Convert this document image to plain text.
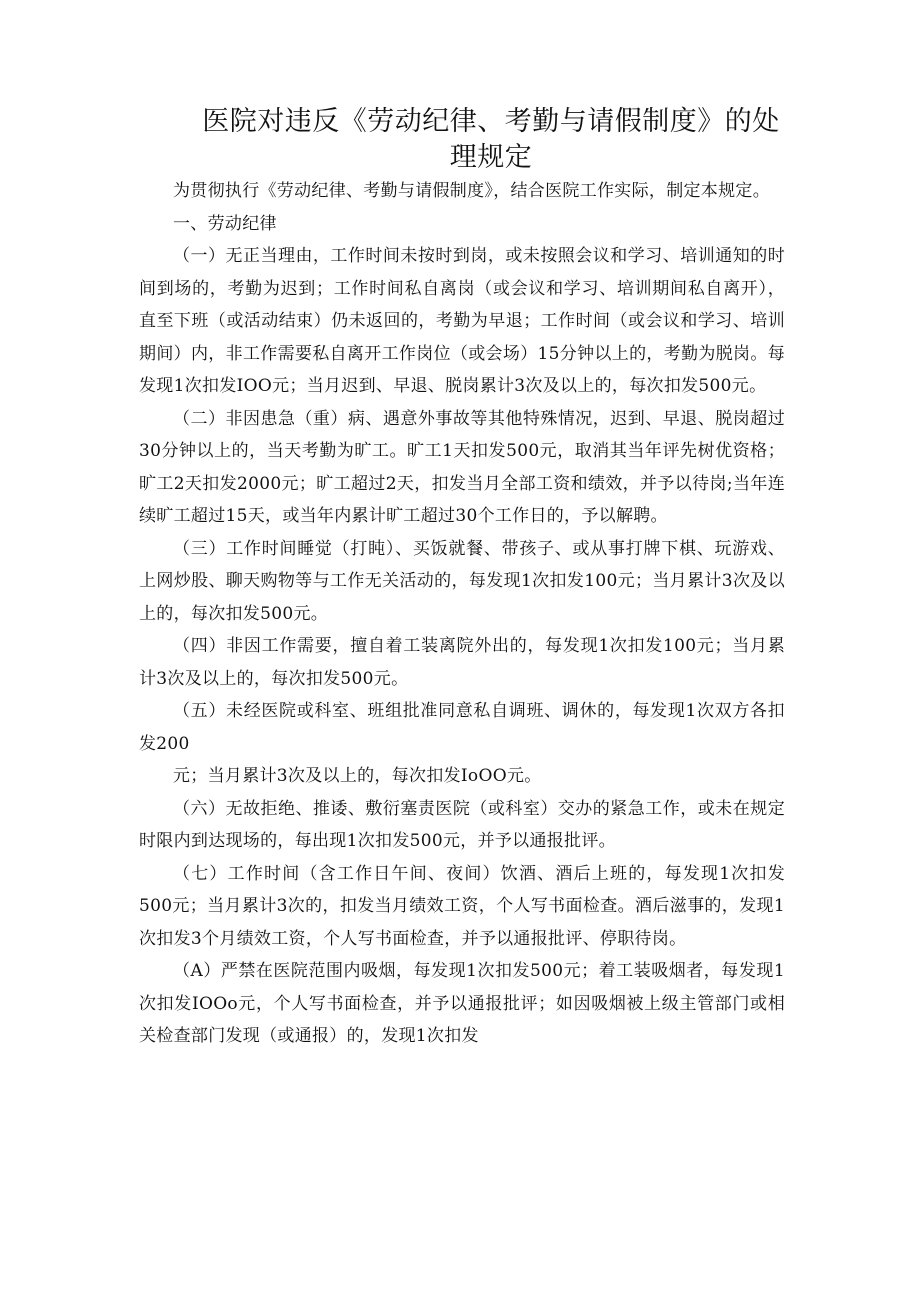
医院对违反《劳动纪律、考勤与请假制度》的处
理规定

为贯彻执行《劳动纪律、考勤与请假制度》，结合医院工作实际，制定本规定。

一、劳动纪律

（一）无正当理由，工作时间未按时到岗，或未按照会议和学习、培训通知的时间到场的，考勤为迟到；工作时间私自离岗（或会议和学习、培训期间私自离开），直至下班（或活动结束）仍未返回的，考勤为早退；工作时间（或会议和学习、培训期间）内，非工作需要私自离开工作岗位（或会场）15分钟以上的，考勤为脱岗。每发现1次扣发IOO元；当月迟到、早退、脱岗累计3次及以上的，每次扣发500元。

（二）非因患急（重）病、遇意外事故等其他特殊情况，迟到、早退、脱岗超过30分钟以上的，当天考勤为旷工。旷工1天扣发500元，取消其当年评先树优资格；旷工2天扣发2000元；旷工超过2天，扣发当月全部工资和绩效，并予以待岗;当年连续旷工超过15天，或当年内累计旷工超过30个工作日的，予以解聘。

（三）工作时间睡觉（打盹）、买饭就餐、带孩子、或从事打牌下棋、玩游戏、上网炒股、聊天购物等与工作无关活动的，每发现1次扣发100元；当月累计3次及以上的，每次扣发500元。

（四）非因工作需要，擅自着工装离院外出的，每发现1次扣发100元；当月累计3次及以上的，每次扣发500元。

（五）未经医院或科室、班组批准同意私自调班、调休的，每发现1次双方各扣发200

元；当月累计3次及以上的，每次扣发IoOO元。

（六）无故拒绝、推诿、敷衍塞责医院（或科室）交办的紧急工作，或未在规定时限内到达现场的，每出现1次扣发500元，并予以通报批评。

（七）工作时间（含工作日午间、夜间）饮酒、酒后上班的，每发现1次扣发500元；当月累计3次的，扣发当月绩效工资，个人写书面检查。酒后滋事的，发现1次扣发3个月绩效工资，个人写书面检查，并予以通报批评、停职待岗。

（A）严禁在医院范围内吸烟，每发现1次扣发500元；着工装吸烟者，每发现1次扣发IOOo元，个人写书面检查，并予以通报批评；如因吸烟被上级主管部门或相关检查部门发现（或通报）的，发现1次扣发
